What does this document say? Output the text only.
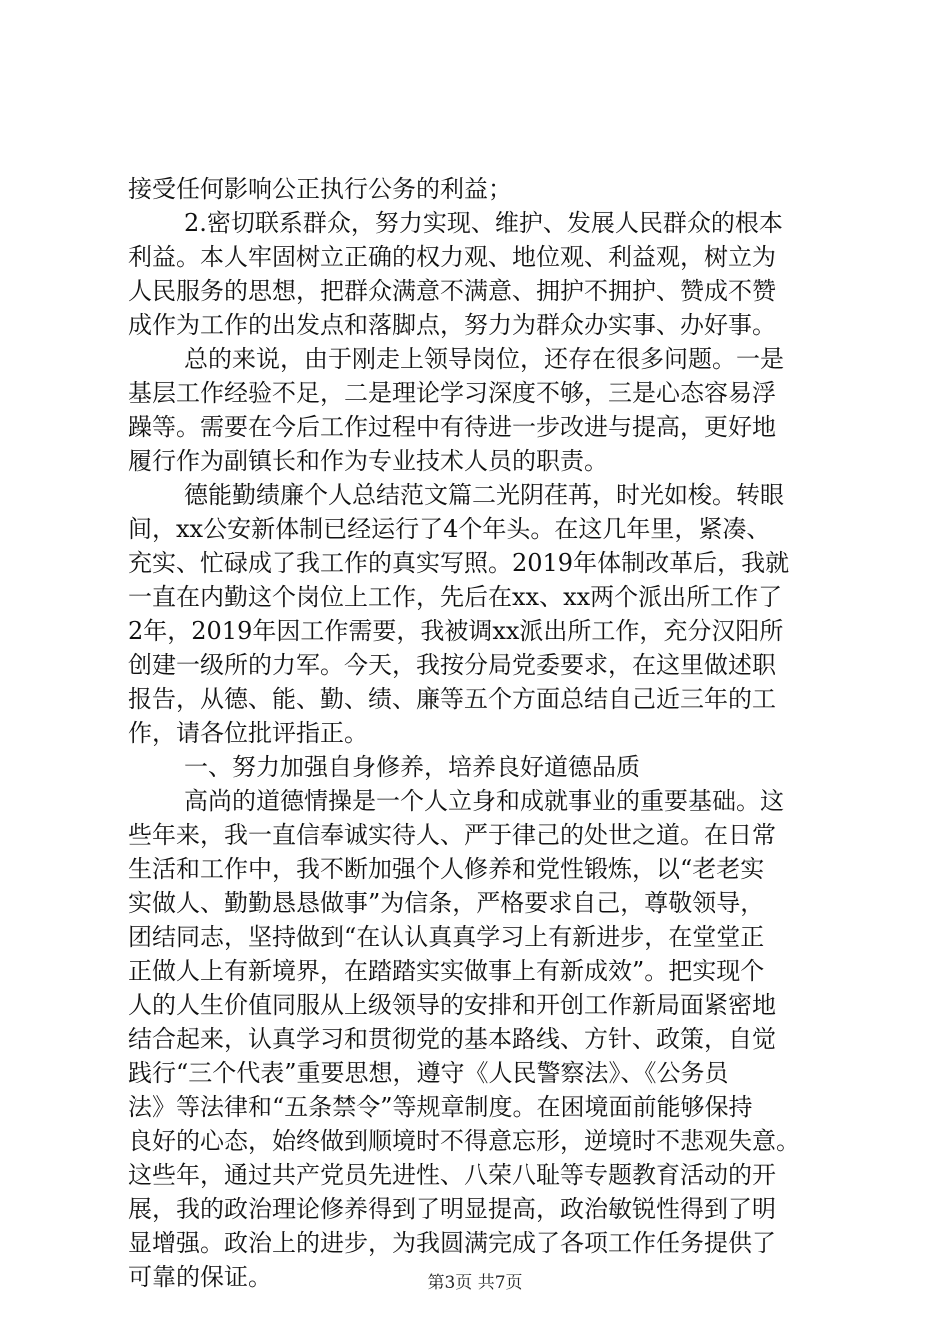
接受任何影响公正执行公务的利益；
2.密切联系群众，努力实现、维护、发展人民群众的根本
利益。本人牢固树立正确的权力观、地位观、利益观，树立为
人民服务的思想，把群众满意不满意、拥护不拥护、赞成不赞
成作为工作的出发点和落脚点，努力为群众办实事、办好事。
总的来说，由于刚走上领导岗位，还存在很多问题。一是
基层工作经验不足，二是理论学习深度不够，三是心态容易浮
躁等。需要在今后工作过程中有待进一步改进与提高，更好地
履行作为副镇长和作为专业技术人员的职责。
德能勤绩廉个人总结范文篇二光阴荏苒，时光如梭。转眼
间，xx公安新体制已经运行了4个年头。在这几年里，紧凑、
充实、忙碌成了我工作的真实写照。2019年体制改革后，我就
一直在内勤这个岗位上工作，先后在xx、xx两个派出所工作了
2年，2019年因工作需要，我被调xx派出所工作，充分汉阳所
创建一级所的力军。今天，我按分局党委要求，在这里做述职
报告，从德、能、勤、绩、廉等五个方面总结自己近三年的工
作，请各位批评指正。
一、努力加强自身修养，培养良好道德品质
高尚的道德情操是一个人立身和成就事业的重要基础。这
些年来，我一直信奉诚实待人、严于律己的处世之道。在日常
生活和工作中，我不断加强个人修养和党性锻炼，以“老老实
实做人、勤勤恳恳做事”为信条，严格要求自己，尊敬领导，
团结同志，坚持做到“在认认真真学习上有新进步，在堂堂正
正做人上有新境界，在踏踏实实做事上有新成效”。把实现个
人的人生价值同服从上级领导的安排和开创工作新局面紧密地
结合起来，认真学习和贯彻党的基本路线、方针、政策，自觉
践行“三个代表”重要思想，遵守《人民警察法》、《公务员
法》等法律和“五条禁令”等规章制度。在困境面前能够保持
良好的心态，始终做到顺境时不得意忘形，逆境时不悲观失意。
这些年，通过共产党员先进性、八荣八耻等专题教育活动的开
展，我的政治理论修养得到了明显提高，政治敏锐性得到了明
显增强。政治上的进步，为我圆满完成了各项工作任务提供了
可靠的保证。	第3页 共7页
